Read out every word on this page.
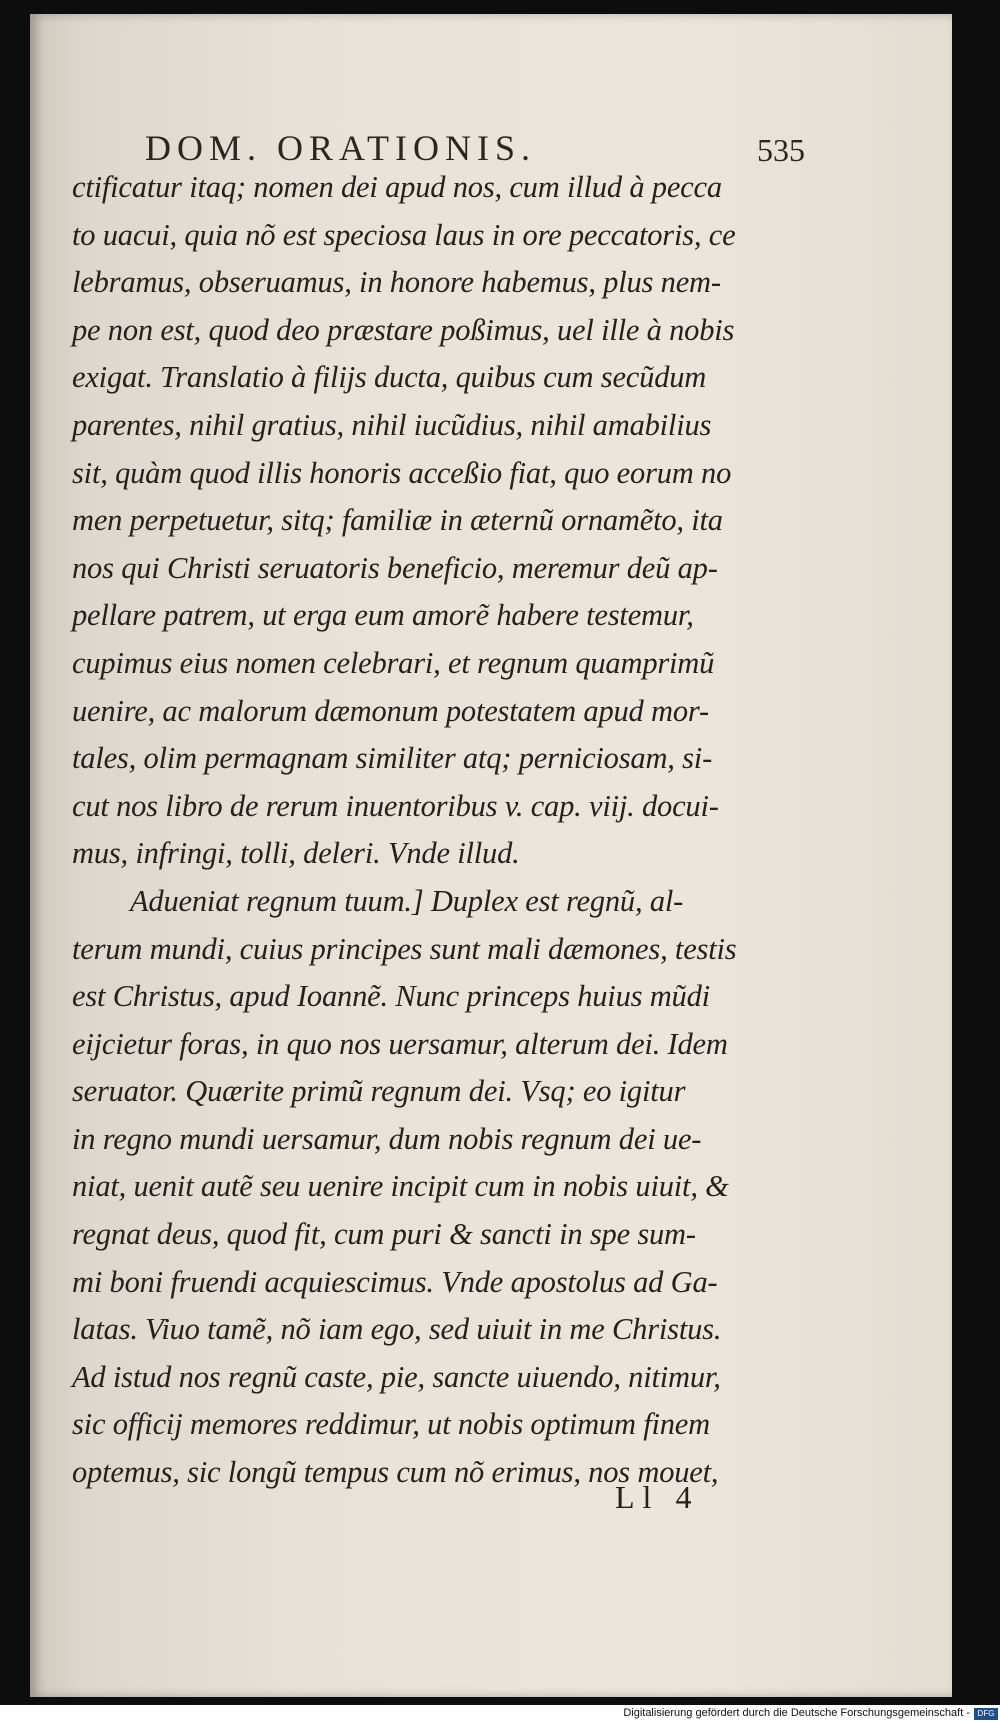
DOM. ORATIONIS.	535
ctificatur itaq; nomen dei apud nos, cum illud à pecca
to uacui, quia nõ est speciosa laus in ore peccatoris, ce
lebramus, obseruamus, in honore habemus, plus nem-
pe non est, quod deo præstare poßimus, uel ille à nobis
exigat. Translatio à filijs ducta, quibus cum secũdum
parentes, nihil gratius, nihil iucũdius, nihil amabilius
sit, quàm quod illis honoris acceßio fiat, quo eorum no
men perpetuetur, sitq; familiæ in æternũ ornamẽto, ita
nos qui Christi seruatoris beneficio, meremur deũ ap-
pellare patrem, ut erga eum amorẽ habere testemur,
cupimus eius nomen celebrari, et regnum quamprimũ
uenire, ac malorum dæmonum potestatem apud mor-
tales, olim permagnam similiter atq; perniciosam, si-
cut nos libro de rerum inuentoribus v. cap. viij. docui-
mus, infringi, tolli, deleri. Vnde illud.
Adueniat regnum tuum.] Duplex est regnũ, al-
terum mundi, cuius principes sunt mali dæmones, testis
est Christus, apud Ioannẽ. Nunc princeps huius mũdi
eijcietur foras, in quo nos uersamur, alterum dei. Idem
seruator. Quærite primũ regnum dei. Vsq; eo igitur
in regno mundi uersamur, dum nobis regnum dei ue-
niat, uenit autẽ seu uenire incipit cum in nobis uiuit, &
regnat deus, quod fit, cum puri & sancti in spe sum-
mi boni fruendi acquiescimus. Vnde apostolus ad Ga-
latas. Viuo tamẽ, nõ iam ego, sed uiuit in me Christus.
Ad istud nos regnũ caste, pie, sancte uiuendo, nitimur,
sic officij memores reddimur, ut nobis optimum finem
optemus, sic longũ tempus cum nõ erimus, nos mouet,
Ll 4
Digitalisierung gefördert durch die Deutsche Forschungsgemeinschaft - DFG
